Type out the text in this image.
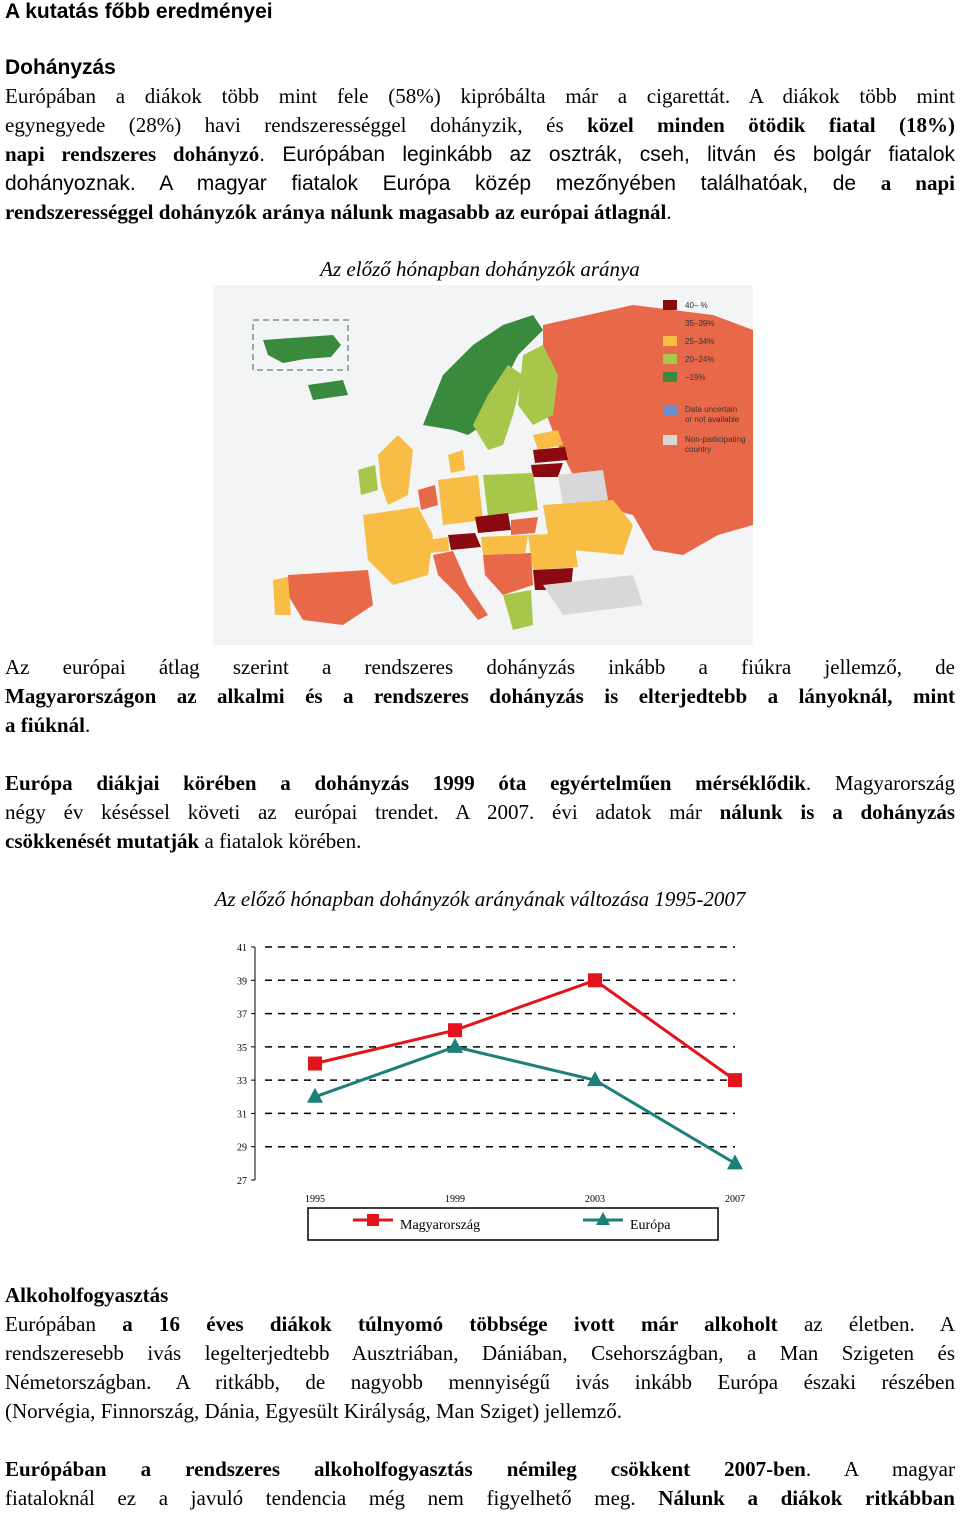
A kutatás főbb eredményei
Dohányzás
Európában a diákok több mint fele (58%) kipróbálta már a cigarettát. A diákok több mint
egynegyede (28%) havi rendszerességgel dohányzik, és közel minden ötödik fiatal (18%)
napi rendszeres dohányzó. Európában leginkább az osztrák, cseh, litván és bolgár fiatalok
dohányoznak. A magyar fiatalok Európa közép mezőnyében találhatóak, de a napi
rendszerességgel dohányzók aránya nálunk magasabb az európai átlagnál.
Az előző hónapban dohányzók aránya
40– %
35–39%
25–34%
20–24%
–19%
Data uncertain
or not available
Non-participating
country
Az európai átlag szerint a rendszeres dohányzás inkább a fiúkra jellemző, de
Magyarországon az alkalmi és a rendszeres dohányzás is elterjedtebb a lányoknál, mint
a fiúknál.
Európa diákjai körében a dohányzás 1999 óta egyértelműen mérséklődik. Magyarország
négy év késéssel követi az európai trendet. A 2007. évi adatok már nálunk is a dohányzás
csökkenését mutatják a fiatalok körében.
Az előző hónapban dohányzók arányának változása 1995-2007
27
29
31
33
35
37
39
41
1995	1999	2003	2007
Magyarország	Európa
Alkoholfogyasztás
Európában a 16 éves diákok túlnyomó többsége ivott már alkoholt az életben. A
rendszeresebb ivás legelterjedtebb Ausztriában, Dániában, Csehországban, a Man Szigeten és
Németországban. A ritkább, de nagyobb mennyiségű ivás inkább Európa északi részében
(Norvégia, Finnország, Dánia, Egyesült Királyság, Man Sziget) jellemző.
Európában a rendszeres alkoholfogyasztás némileg csökkent 2007-ben. A magyar
fiataloknál ez a javuló tendencia még nem figyelhető meg. Nálunk a diákok ritkábban
